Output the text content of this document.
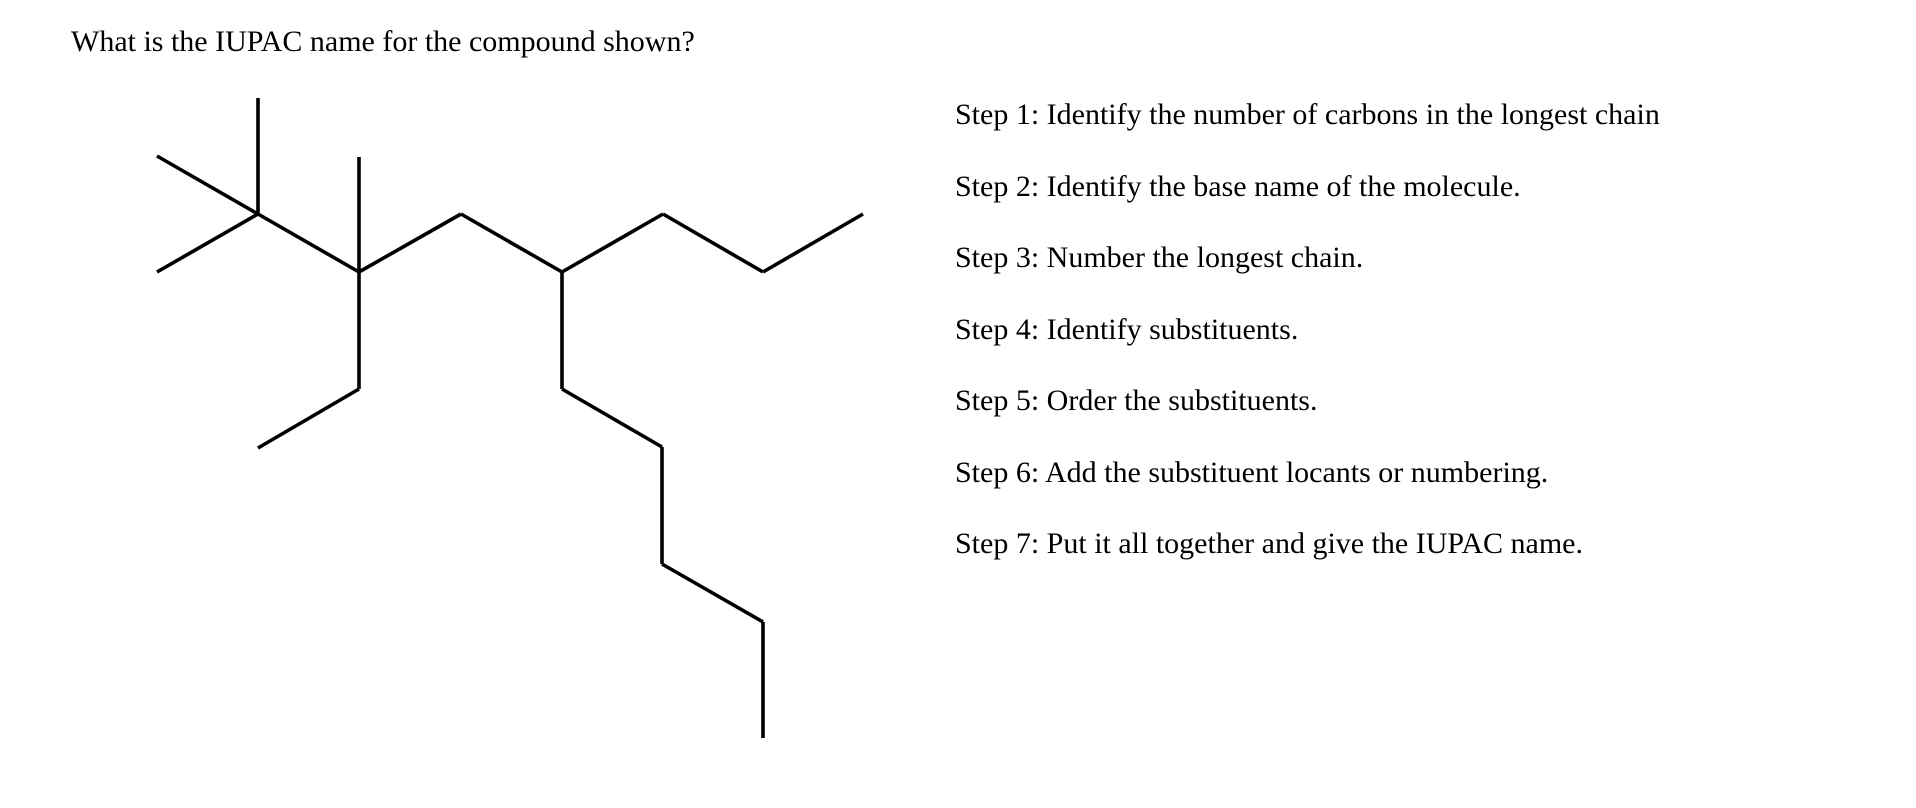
What is the IUPAC name for the compound shown?
Step 1: Identify the number of carbons in the longest chain
Step 2: Identify the base name of the molecule.
Step 3: Number the longest chain.
Step 4: Identify substituents.
Step 5: Order the substituents.
Step 6: Add the substituent locants or numbering.
Step 7: Put it all together and give the IUPAC name.
